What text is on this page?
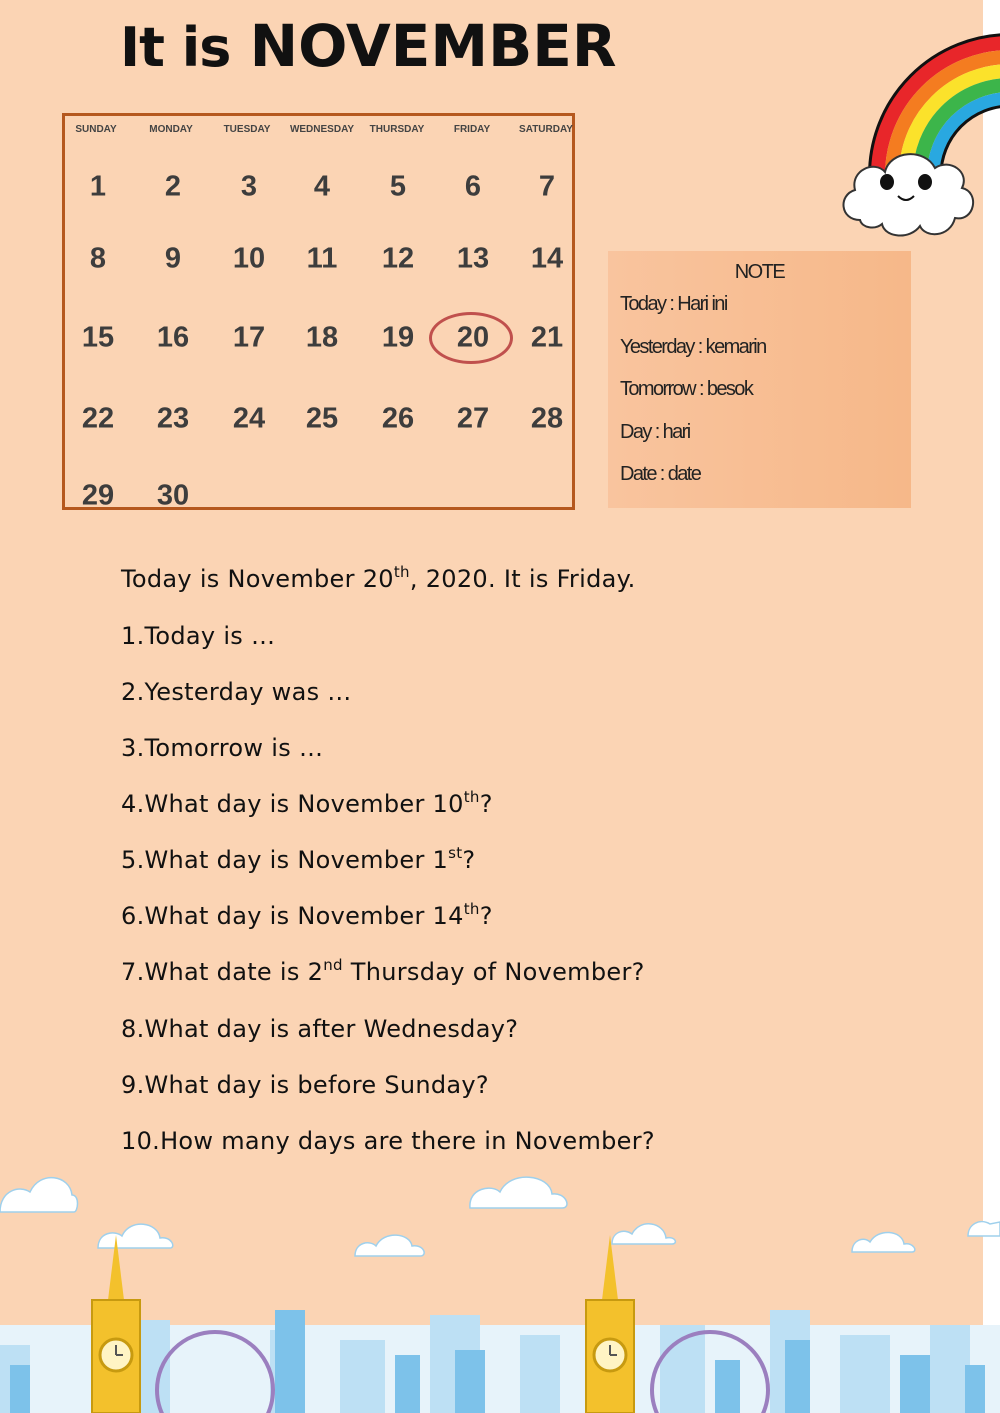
It is NOVEMBER
SUNDAY	MONDAY	TUESDAY WEDNESDAY THURSDAY	FRIDAY	SATURDAY
1 2 3 4 5 6 7
8 9 10 11 12 13 14
15 16 17 18 19 20 21
22 23 24 25 26 27 28
29 30
NOTE
Today : Hari ini
Yesterday : kemarin
Tomorrow : besok
Day : hari
Date : date
Today is November 20th, 2020. It is Friday.
1.Today is …
2.Yesterday was …
3.Tomorrow is …
4.What day is November 10th?
5.What day is November 1st?
6.What day is November 14th?
7.What date is 2nd Thursday of November?
8.What day is after Wednesday?
9.What day is before Sunday?
10.How many days are there in November?
